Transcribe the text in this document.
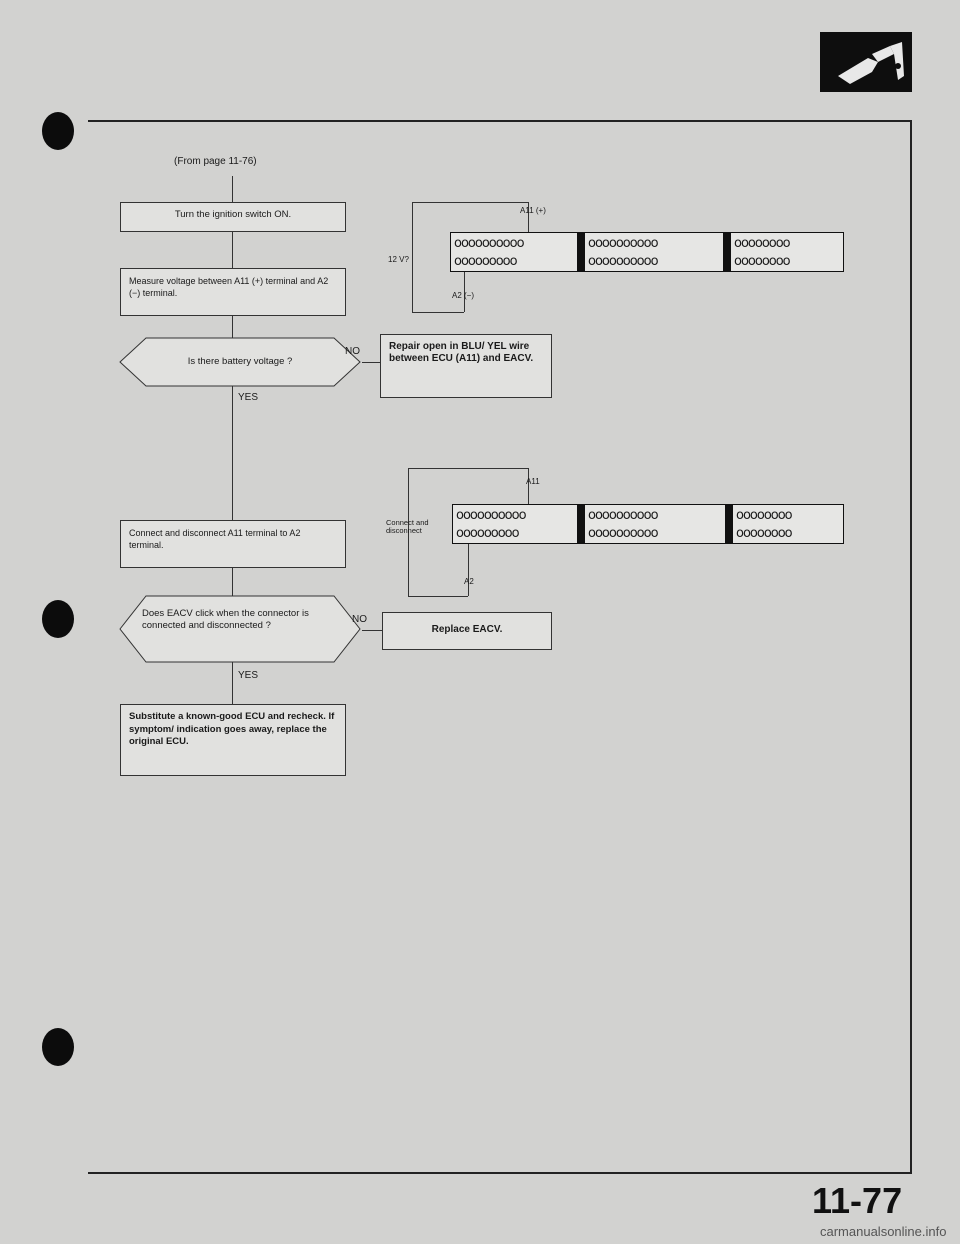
(From page 11-76)
Turn the ignition switch ON.
Measure voltage between A11 (+) terminal and A2 (−) terminal.
Is there battery voltage ?
NO
YES
Repair open in BLU/ YEL wire between ECU (A11) and EACV.
A11 (+)
12 V?
A2 (−)
oooooooooo
ooooooooo
oooooooooo
oooooooooo
oooooooo
oooooooo
Connect and disconnect A11 terminal to A2 terminal.
Does EACV click when the connector is connected and disconnected ?
NO
YES
Replace EACV.
A11
Connect and disconnect
A2
oooooooooo
ooooooooo
oooooooooo
oooooooooo
oooooooo
oooooooo
Substitute a known-good ECU and recheck. If symptom/ indication goes away, replace the original ECU.
11-77
carmanualsonline.info
